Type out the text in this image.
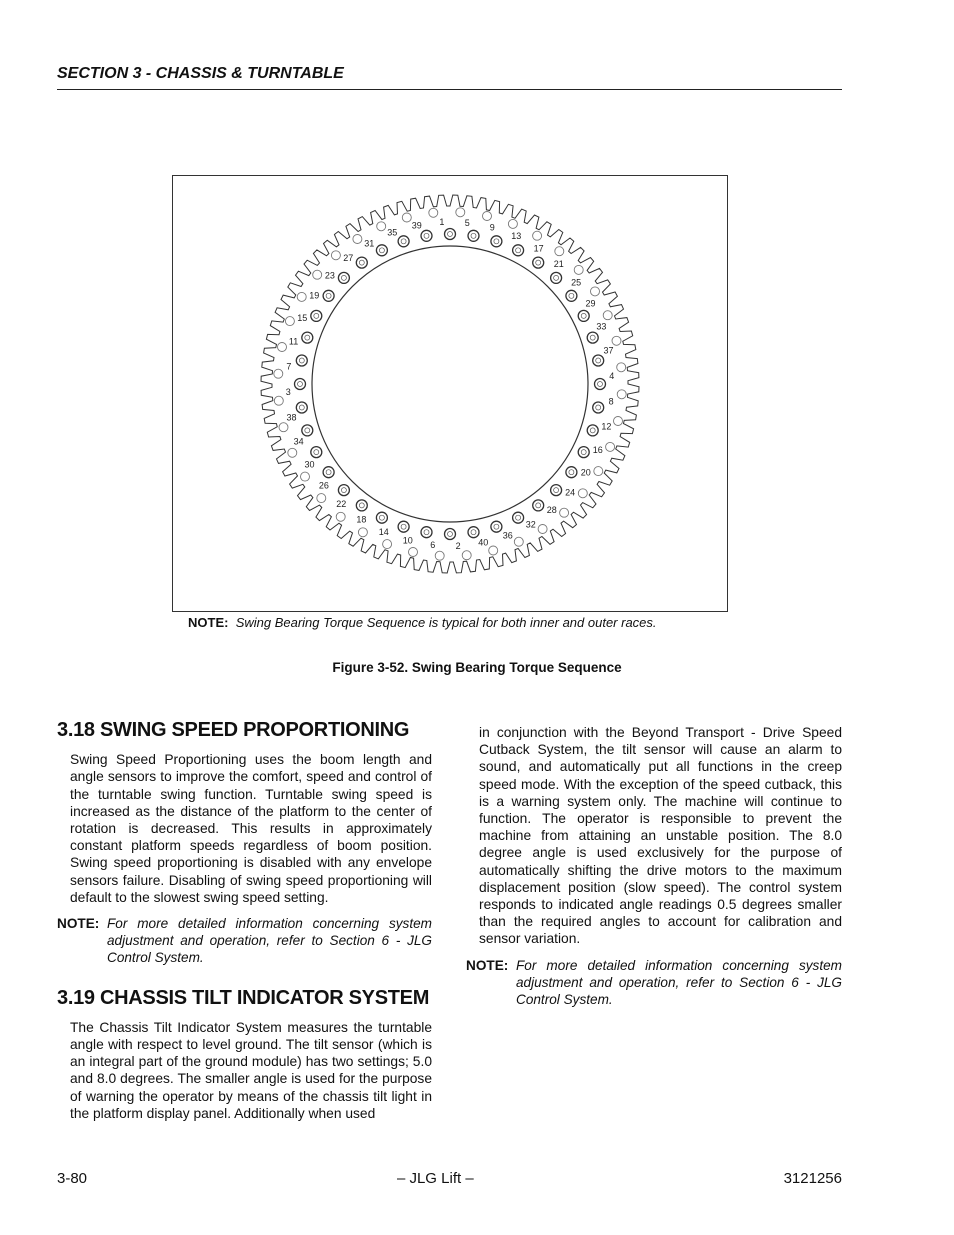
SECTION 3 - CHASSIS & TURNTABLE
1 5 9
13
17
21
25
29
33
37
4
8
12
16
20
24
28
32
36
40
2
6
10
14
18
22
26
30
34
38
3
7
11
15
19
23
27
31
35
39
NOTE: Swing Bearing Torque Sequence is typical for both inner and outer races.
Figure 3-52. Swing Bearing Torque Sequence
3.18 SWING SPEED PROPORTIONING

Swing Speed Proportioning uses the boom length and angle sensors to improve the comfort, speed and control of the turntable swing function. Turntable swing speed is increased as the distance of the platform to the center of rotation is decreased. This results in approximately constant platform speeds regardless of boom position. Swing speed proportioning is disabled with any envelope sensors failure. Disabling of swing speed proportioning will default to the slowest swing speed setting.

NOTE: For more detailed information concerning system adjustment and operation, refer to Section 6 - JLG Control System.
3.19 CHASSIS TILT INDICATOR SYSTEM

The Chassis Tilt Indicator System measures the turntable angle with respect to level ground. The tilt sensor (which is an integral part of the ground module) has two settings; 5.0 and 8.0 degrees. The smaller angle is used for the purpose of warning the operator by means of the chassis tilt light in the platform display panel. Additionally when used

in conjunction with the Beyond Transport - Drive Speed Cutback System, the tilt sensor will cause an alarm to sound, and automatically put all functions in the creep speed mode. With the exception of the speed cutback, this is a warning system only. The machine will continue to function. The operator is responsible to prevent the machine from attaining an unstable position. The 8.0 degree angle is used exclusively for the purpose of automatically shifting the drive motors to the maximum displacement position (slow speed). The control system responds to indicated angle readings 0.5 degrees smaller than the required angles to account for calibration and sensor variation.

NOTE: For more detailed information concerning system adjustment and operation, refer to Section 6 - JLG Control System.
3-80	– JLG Lift –	3121256
